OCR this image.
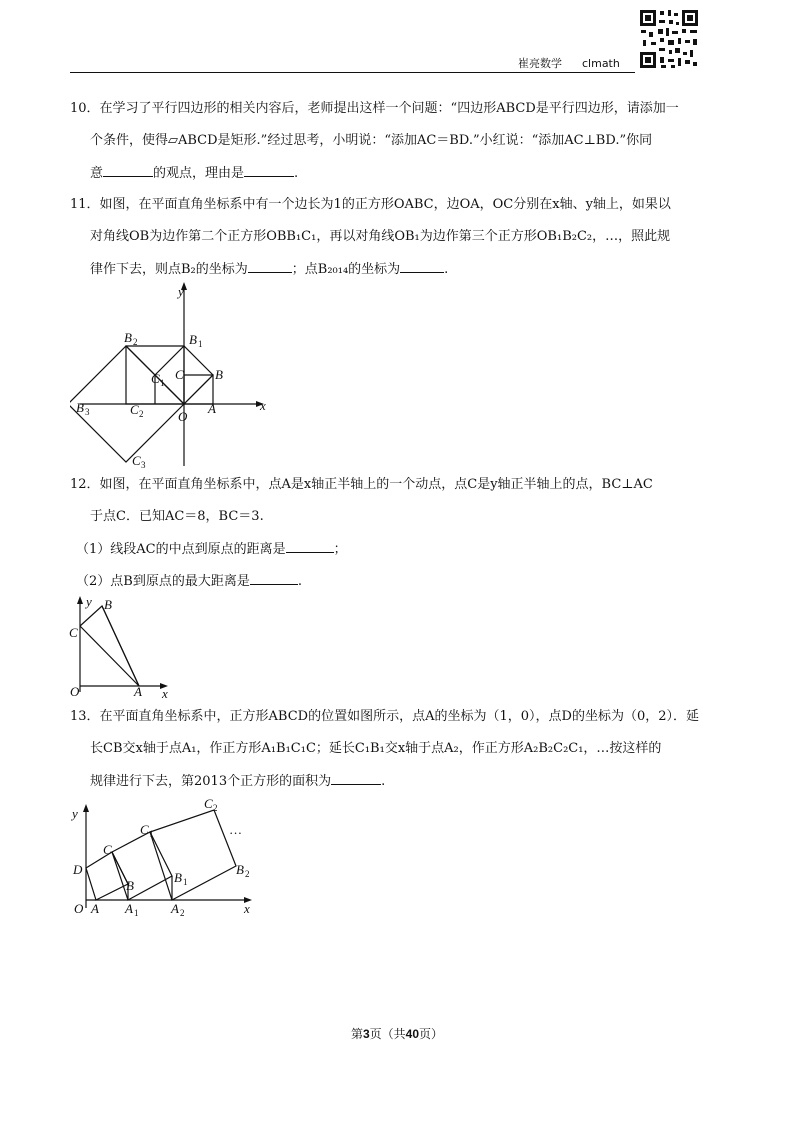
崔亮数学 clmath
10．在学习了平行四边形的相关内容后，老师提出这样一个问题：“四边形ABCD是平行四边形，请添加一
个条件，使得▱ABCD是矩形.”经过思考，小明说：“添加AC＝BD.”小红说：“添加AC⊥BD.”你同
意	的观点，理由是	.
11．如图，在平面直角坐标系中有一个边长为1的正方形OABC，边OA，OC分别在x轴、y轴上，如果以
对角线OB为边作第二个正方形OBB₁C₁，再以对角线OB₁为边作第三个正方形OB₁B₂C₂，…，照此规
律作下去，则点B₂的坐标为	；点B₂₀₁₄的坐标为	.
y
x
B 2	B 1
C 1
C B
B 3	C 2	O
A
C 3
12．如图，在平面直角坐标系中，点A是x轴正半轴上的一个动点，点C是y轴正半轴上的点，BC⊥AC
于点C．已知AC＝8，BC＝3.
（1）线段AC的中点到原点的距离是	；
（2）点B到原点的最大距离是	.
y B
C
O	A x
13．在平面直角坐标系中，正方形ABCD的位置如图所示，点A的坐标为（1，0），点D的坐标为（0，2）．延
长CB交x轴于点A₁，作正方形A₁B₁C₁C；延长C₁B₁交x轴于点A₂，作正方形A₂B₂C₂C₁，…按这样的
规律进行下去，第2013个正方形的面积为	.
y
C 2
…
C 1
C
D
B
B 1
B 2
O A A 1	A 2	x
第3页（共40页）
